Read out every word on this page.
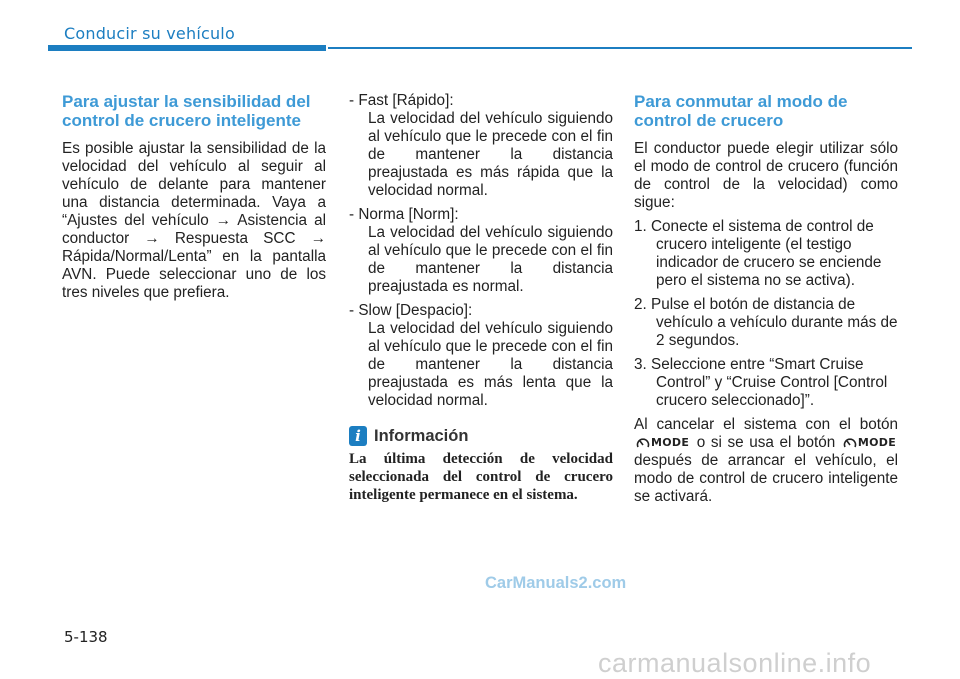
Conducir su vehículo
Para ajustar la sensibilidad del control de crucero inteligente

Es posible ajustar la sensibilidad de la velocidad del vehículo al seguir al vehículo de delante para mantener una distancia determinada. Vaya a “Ajustes del vehículo → Asistencia al conductor → Respuesta SCC → Rápida/Normal/Lenta” en la pantalla AVN. Puede seleccionar uno de los tres niveles que prefiera.

- Fast [Rápido]:
La velocidad del vehículo siguiendo al vehículo que le precede con el fin de mantener la distancia preajustada es más rápida que la velocidad normal.
- Norma [Norm]:
La velocidad del vehículo siguiendo al vehículo que le precede con el fin de mantener la distancia preajustada es normal.
- Slow [Despacio]:
La velocidad del vehículo siguiendo al vehículo que le precede con el fin de mantener la distancia preajustada es más lenta que la velocidad normal.
i Información
La última detección de velocidad seleccionada del control de crucero inteligente permanece en el sistema.
Para conmutar al modo de control de crucero

El conductor puede elegir utilizar sólo el modo de control de crucero (función de control de la velocidad) como sigue:

1. Conecte el sistema de control de crucero inteligente (el testigo indicador de crucero se enciende pero el sistema no se activa).
2. Pulse el botón de distancia de vehículo a vehículo durante más de 2 segundos.
3. Seleccione entre “Smart Cruise Control” y “Cruise Control [Control crucero seleccionado]”.

Al cancelar el sistema con el botón
MODE o si se usa el botón MODE
después de arrancar el vehículo, el modo de control de crucero inteligente se activará.

CarManuals2.com
5-138
carmanualsonline.info
